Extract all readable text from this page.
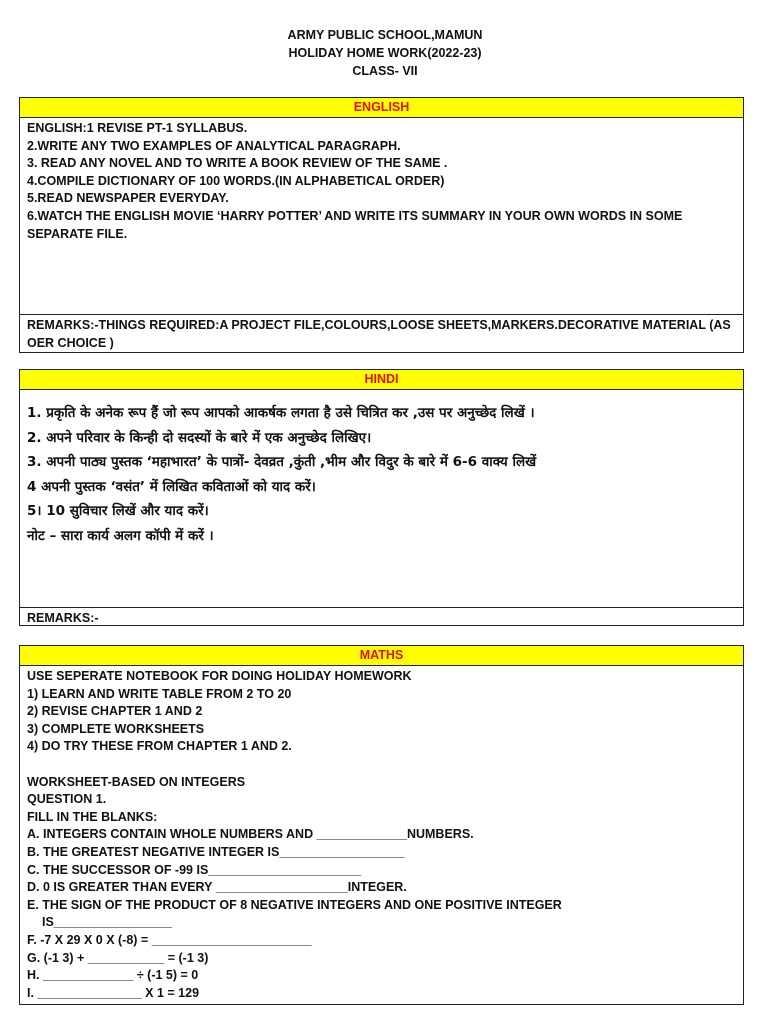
ARMY PUBLIC SCHOOL,MAMUN
HOLIDAY HOME WORK(2022-23)
CLASS- VII
ENGLISH
ENGLISH:1 REVISE PT-1 SYLLABUS.
2.WRITE ANY TWO EXAMPLES OF ANALYTICAL PARAGRAPH.
3. READ ANY NOVEL AND TO WRITE A BOOK REVIEW OF THE SAME .
4.COMPILE DICTIONARY OF 100 WORDS.(IN ALPHABETICAL ORDER)
5.READ NEWSPAPER EVERYDAY.
6.WATCH THE ENGLISH MOVIE ‘HARRY POTTER’ AND WRITE ITS SUMMARY IN YOUR OWN WORDS IN SOME SEPARATE FILE.
REMARKS:-THINGS REQUIRED:A PROJECT FILE,COLOURS,LOOSE SHEETS,MARKERS.DECORATIVE MATERIAL (AS OER CHOICE )
HINDI
1. प्रकृति के अनेक रूप हैं जो रूप आपको आकर्षक लगता है उसे चित्रित कर ,उस पर अनुच्छेद लिखें ।
2. अपने परिवार के किन्ही दो सदस्यों के बारे में एक अनुच्छेद लिखिए।
3. अपनी पाठ्य पुस्तक ‘महाभारत’ के पात्रों- देवव्रत ,कुंती ,भीम और विदुर के बारे में 6-6 वाक्य लिखें
4 अपनी पुस्तक ‘वसंत’ में लिखित कविताओं को याद करें।
5। 10 सुविचार लिखें और याद करें।
नोट – सारा कार्य अलग कॉपी में करें ।
REMARKS:-
MATHS
USE SEPERATE NOTEBOOK FOR DOING HOLIDAY HOMEWORK
1) LEARN AND WRITE TABLE FROM 2 TO 20
2) REVISE CHAPTER 1 AND 2
3) COMPLETE WORKSHEETS
4) DO TRY THESE FROM CHAPTER 1 AND 2.
WORKSHEET-BASED ON INTEGERS
QUESTION 1.
FILL IN THE BLANKS:
A. INTEGERS CONTAIN WHOLE NUMBERS AND _____________NUMBERS.
B. THE GREATEST NEGATIVE INTEGER IS__________________
C. THE SUCCESSOR OF -99 IS______________________
D. 0 IS GREATER THAN EVERY ___________________INTEGER.
E. THE SIGN OF THE PRODUCT OF 8 NEGATIVE INTEGERS AND ONE POSITIVE INTEGER
IS_________________
F. -7 X 29 X 0 X (-8) = _______________________
G. (-1 3) + ___________ = (-1 3)
H. _____________ ÷ (-1 5) = 0
I. _______________ X 1 = 129
